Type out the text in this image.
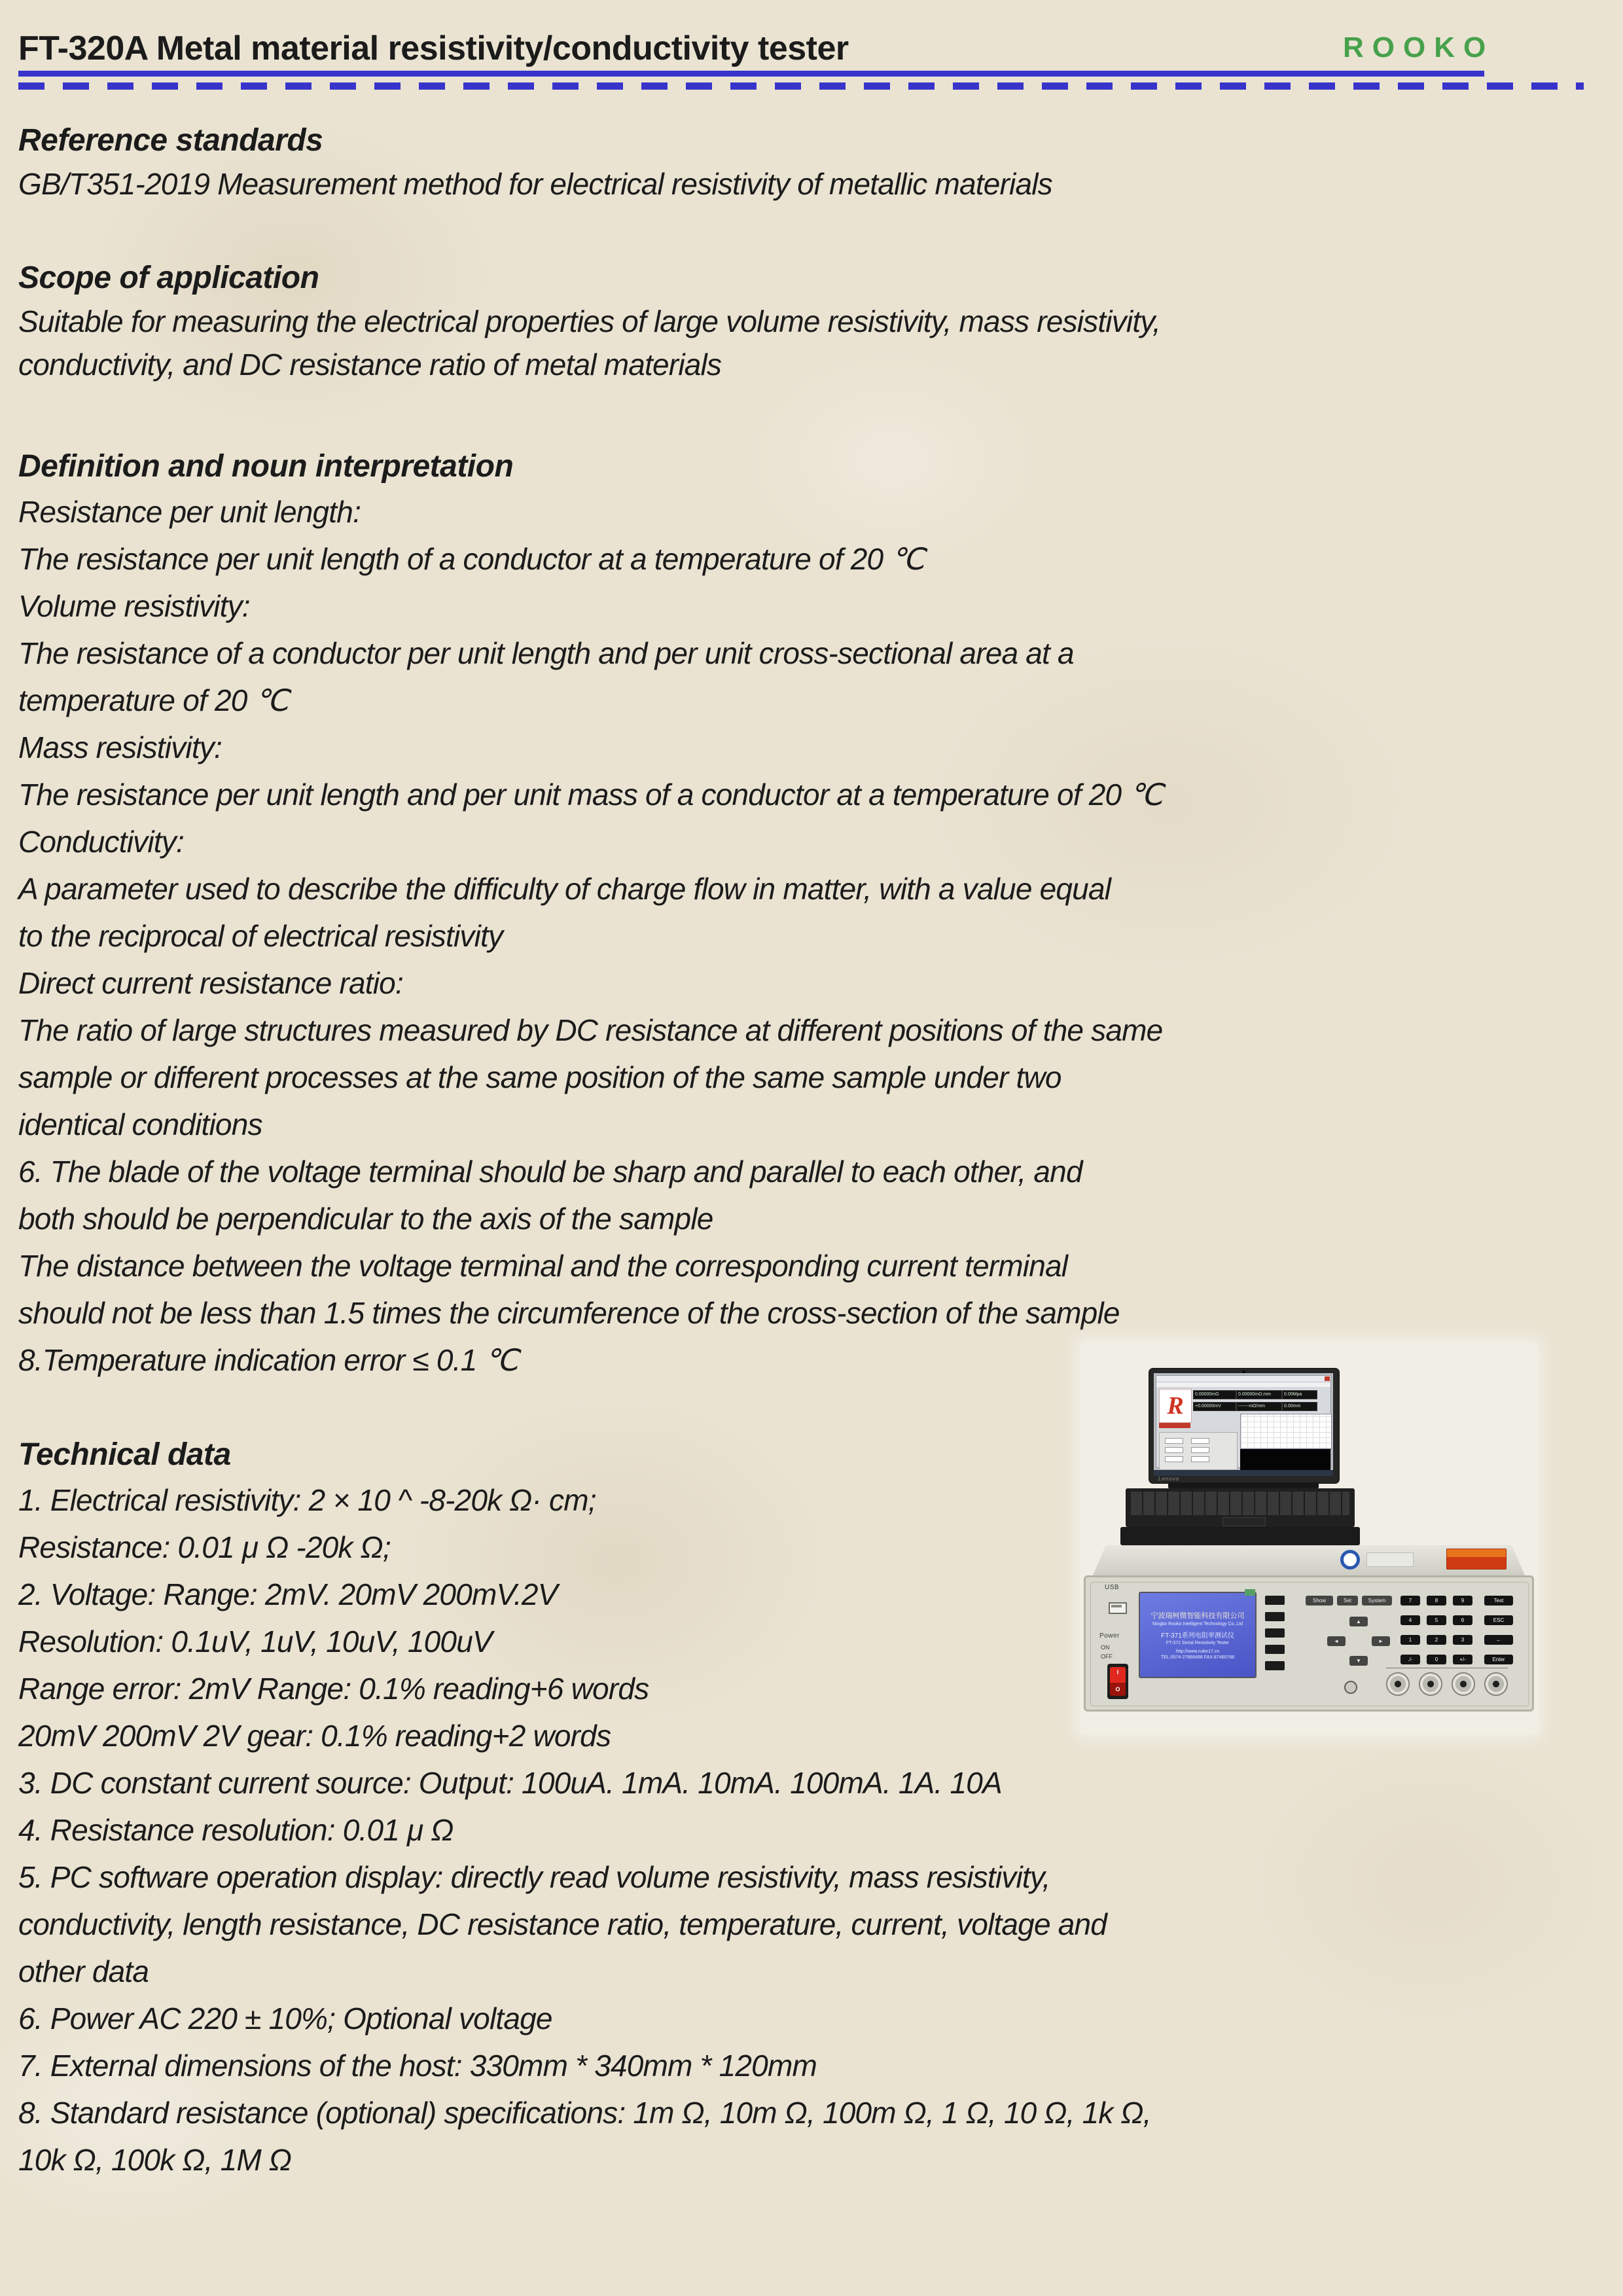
FT-320A Metal material resistivity/conductivity tester	ROOKO
Reference standards
GB/T351-2019 Measurement method for electrical resistivity of metallic materials
Scope of application
Suitable for measuring the electrical properties of large volume resistivity, mass resistivity,
conductivity, and DC resistance ratio of metal materials
Definition and noun interpretation
Resistance per unit length:
The resistance per unit length of a conductor at a temperature of 20 ℃
Volume resistivity:
The resistance of a conductor per unit length and per unit cross-sectional area at a
temperature of 20 ℃
Mass resistivity:
The resistance per unit length and per unit mass of a conductor at a temperature of 20 ℃
Conductivity:
A parameter used to describe the difficulty of charge flow in matter, with a value equal
to the reciprocal of electrical resistivity
Direct current resistance ratio:
The ratio of large structures measured by DC resistance at different positions of the same
sample or different processes at the same position of the same sample under two
identical conditions
6. The blade of the voltage terminal should be sharp and parallel to each other, and
both should be perpendicular to the axis of the sample
The distance between the voltage terminal and the corresponding current terminal
should not be less than 1.5 times the circumference of the cross-section of the sample
8.Temperature indication error ≤ 0.1 ℃
Technical data
1. Electrical resistivity: 2 × 10 ^ -8-20k Ω· cm;
Resistance: 0.01 μ Ω -20k Ω;
2. Voltage: Range: 2mV. 20mV 200mV.2V
Resolution: 0.1uV, 1uV, 10uV, 100uV
Range error: 2mV Range: 0.1% reading+6 words
20mV 200mV 2V gear: 0.1% reading+2 words
3. DC constant current source: Output: 100uA. 1mA. 10mA. 100mA. 1A. 10A
4. Resistance resolution: 0.01 μ Ω
5. PC software operation display: directly read volume resistivity, mass resistivity,
conductivity, length resistance, DC resistance ratio, temperature, current, voltage and
other data
6. Power AC 220 ± 10%; Optional voltage
7. External dimensions of the host: 330mm * 340mm * 120mm
8. Standard resistance (optional) specifications: 1m Ω, 10m Ω, 100m Ω, 1 Ω, 10 Ω, 1k Ω,
10k Ω, 100k Ω, 1M Ω
R	0.00000mΩ	0.00000mΩ.mm	0.00Mpa
+0.00000mV	-------mΩ/mm	0.00mm
Lenovo
USB
Power
ON
OFF
I
O
宁波瑞柯微智能科技有限公司
Ningbo Rooko Intelligent Technology Co.,Ltd
FT-371系列电阻率测试仪
FT-371 Serial Resistivity Tester
http://www.ruike17.cn
TEL:0574-27866498 FAX:87460768
Show	Set	System
▲
◄	►
▼
7	8	9
4	5	6
1	2	3
./-	0	+/-
Test
ESC
←
Enter
